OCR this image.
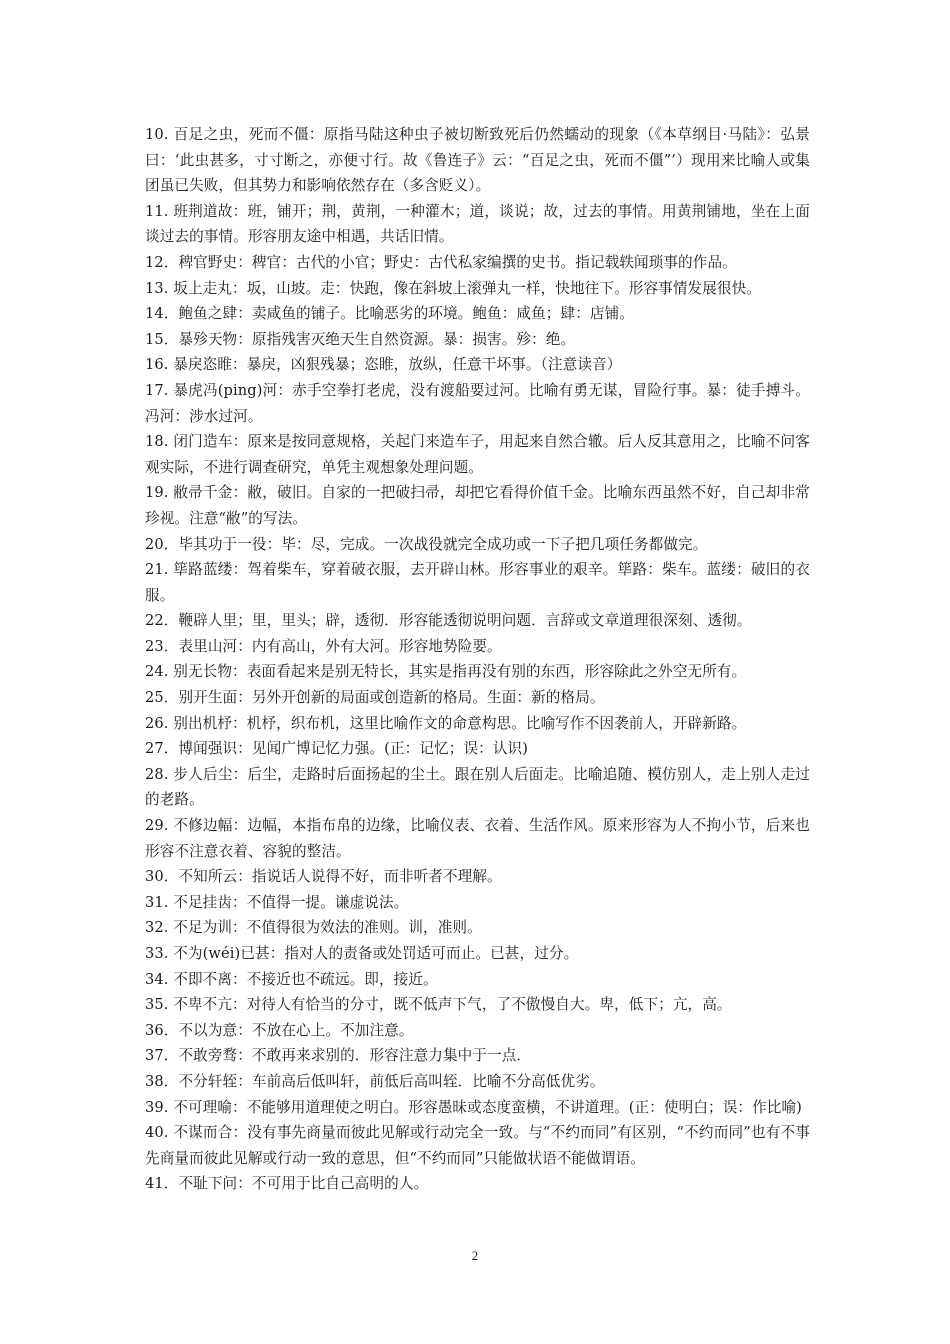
10. 百足之虫，死而不僵：原指马陆这种虫子被切断致死后仍然蠕动的现象（《本草纲目·马陆》：弘景曰：‘此虫甚多，寸寸断之，亦便寸行。故《鲁连子》云：“百足之虫，死而不僵”’）现用来比喻人或集团虽已失败，但其势力和影响依然存在（多含贬义）。

11. 班荆道故：班，铺开；荆，黄荆，一种灌木；道，谈说；故，过去的事情。用黄荆铺地，坐在上面谈过去的事情。形容朋友途中相遇，共话旧情。

12．稗官野史：稗官：古代的小官；野史：古代私家编撰的史书。指记载轶闻琐事的作品。

13. 坂上走丸：坂，山坡。走：快跑，像在斜坡上滚弹丸一样，快地往下。形容事情发展很快。

14．鲍鱼之肆：卖咸鱼的铺子。比喻恶劣的环境。鲍鱼：咸鱼；肆：店铺。

15．暴殄天物：原指残害灭绝天生自然资源。暴：损害。殄：绝。

16. 暴戾恣睢：暴戾，凶狠残暴；恣睢，放纵，任意干坏事。（注意读音）

17. 暴虎冯(ping)河：赤手空拳打老虎，没有渡船要过河。比喻有勇无谋，冒险行事。暴：徒手搏斗。冯河：涉水过河。

18. 闭门造车：原来是按同意规格，关起门来造车子，用起来自然合辙。后人反其意用之，比喻不问客观实际，不进行调查研究，单凭主观想象处理问题。

19. 敝帚千金：敝，破旧。自家的一把破扫帚，却把它看得价值千金。比喻东西虽然不好，自己却非常珍视。注意“敝”的写法。

20．毕其功于一役：毕：尽，完成。一次战役就完全成功或一下子把几项任务都做完。

21. 筚路蓝缕：驾着柴车，穿着破衣服，去开辟山林。形容事业的艰辛。筚路：柴车。蓝缕：破旧的衣服。

22．鞭辟人里；里，里头；辟，透彻．形容能透彻说明问题．言辞或文章道理很深刻、透彻。

23．表里山河：内有高山，外有大河。形容地势险要。

24. 别无长物：表面看起来是别无特长，其实是指再没有别的东西，形容除此之外空无所有。

25．别开生面：另外开创新的局面或创造新的格局。生面：新的格局。

26. 别出机杼：机杼，织布机，这里比喻作文的命意构思。比喻写作不因袭前人，开辟新路。

27．博闻强识：见闻广博记忆力强。(正：记忆；误：认识)

28. 步人后尘：后尘，走路时后面扬起的尘土。跟在别人后面走。比喻追随、模仿别人，走上别人走过的老路。

29. 不修边幅：边幅，本指布帛的边缘，比喻仪表、衣着、生活作风。原来形容为人不拘小节，后来也形容不注意衣着、容貌的整洁。

30．不知所云：指说话人说得不好，而非听者不理解。

31. 不足挂齿：不值得一提。谦虚说法。

32. 不足为训：不值得很为效法的准则。训，准则。

33. 不为(wéi)已甚：指对人的责备或处罚适可而止。已甚，过分。

34. 不即不离：不接近也不疏远。即，接近。

35. 不卑不亢：对待人有恰当的分寸，既不低声下气，了不傲慢自大。卑，低下；亢，高。

36．不以为意：不放在心上。不加注意。

37．不敢旁骛：不敢再来求别的．形容注意力集中于一点．

38．不分轩轾：车前高后低叫轩，前低后高叫轾．比喻不分高低优劣。

39. 不可理喻：不能够用道理使之明白。形容愚昧或态度蛮横，不讲道理。(正：使明白；误：作比喻)

40. 不谋而合：没有事先商量而彼此见解或行动完全一致。与“不约而同”有区别，“不约而同”也有不事先商量而彼此见解或行动一致的意思，但“不约而同”只能做状语不能做谓语。

41．不耻下问：不可用于比自己高明的人。

2
